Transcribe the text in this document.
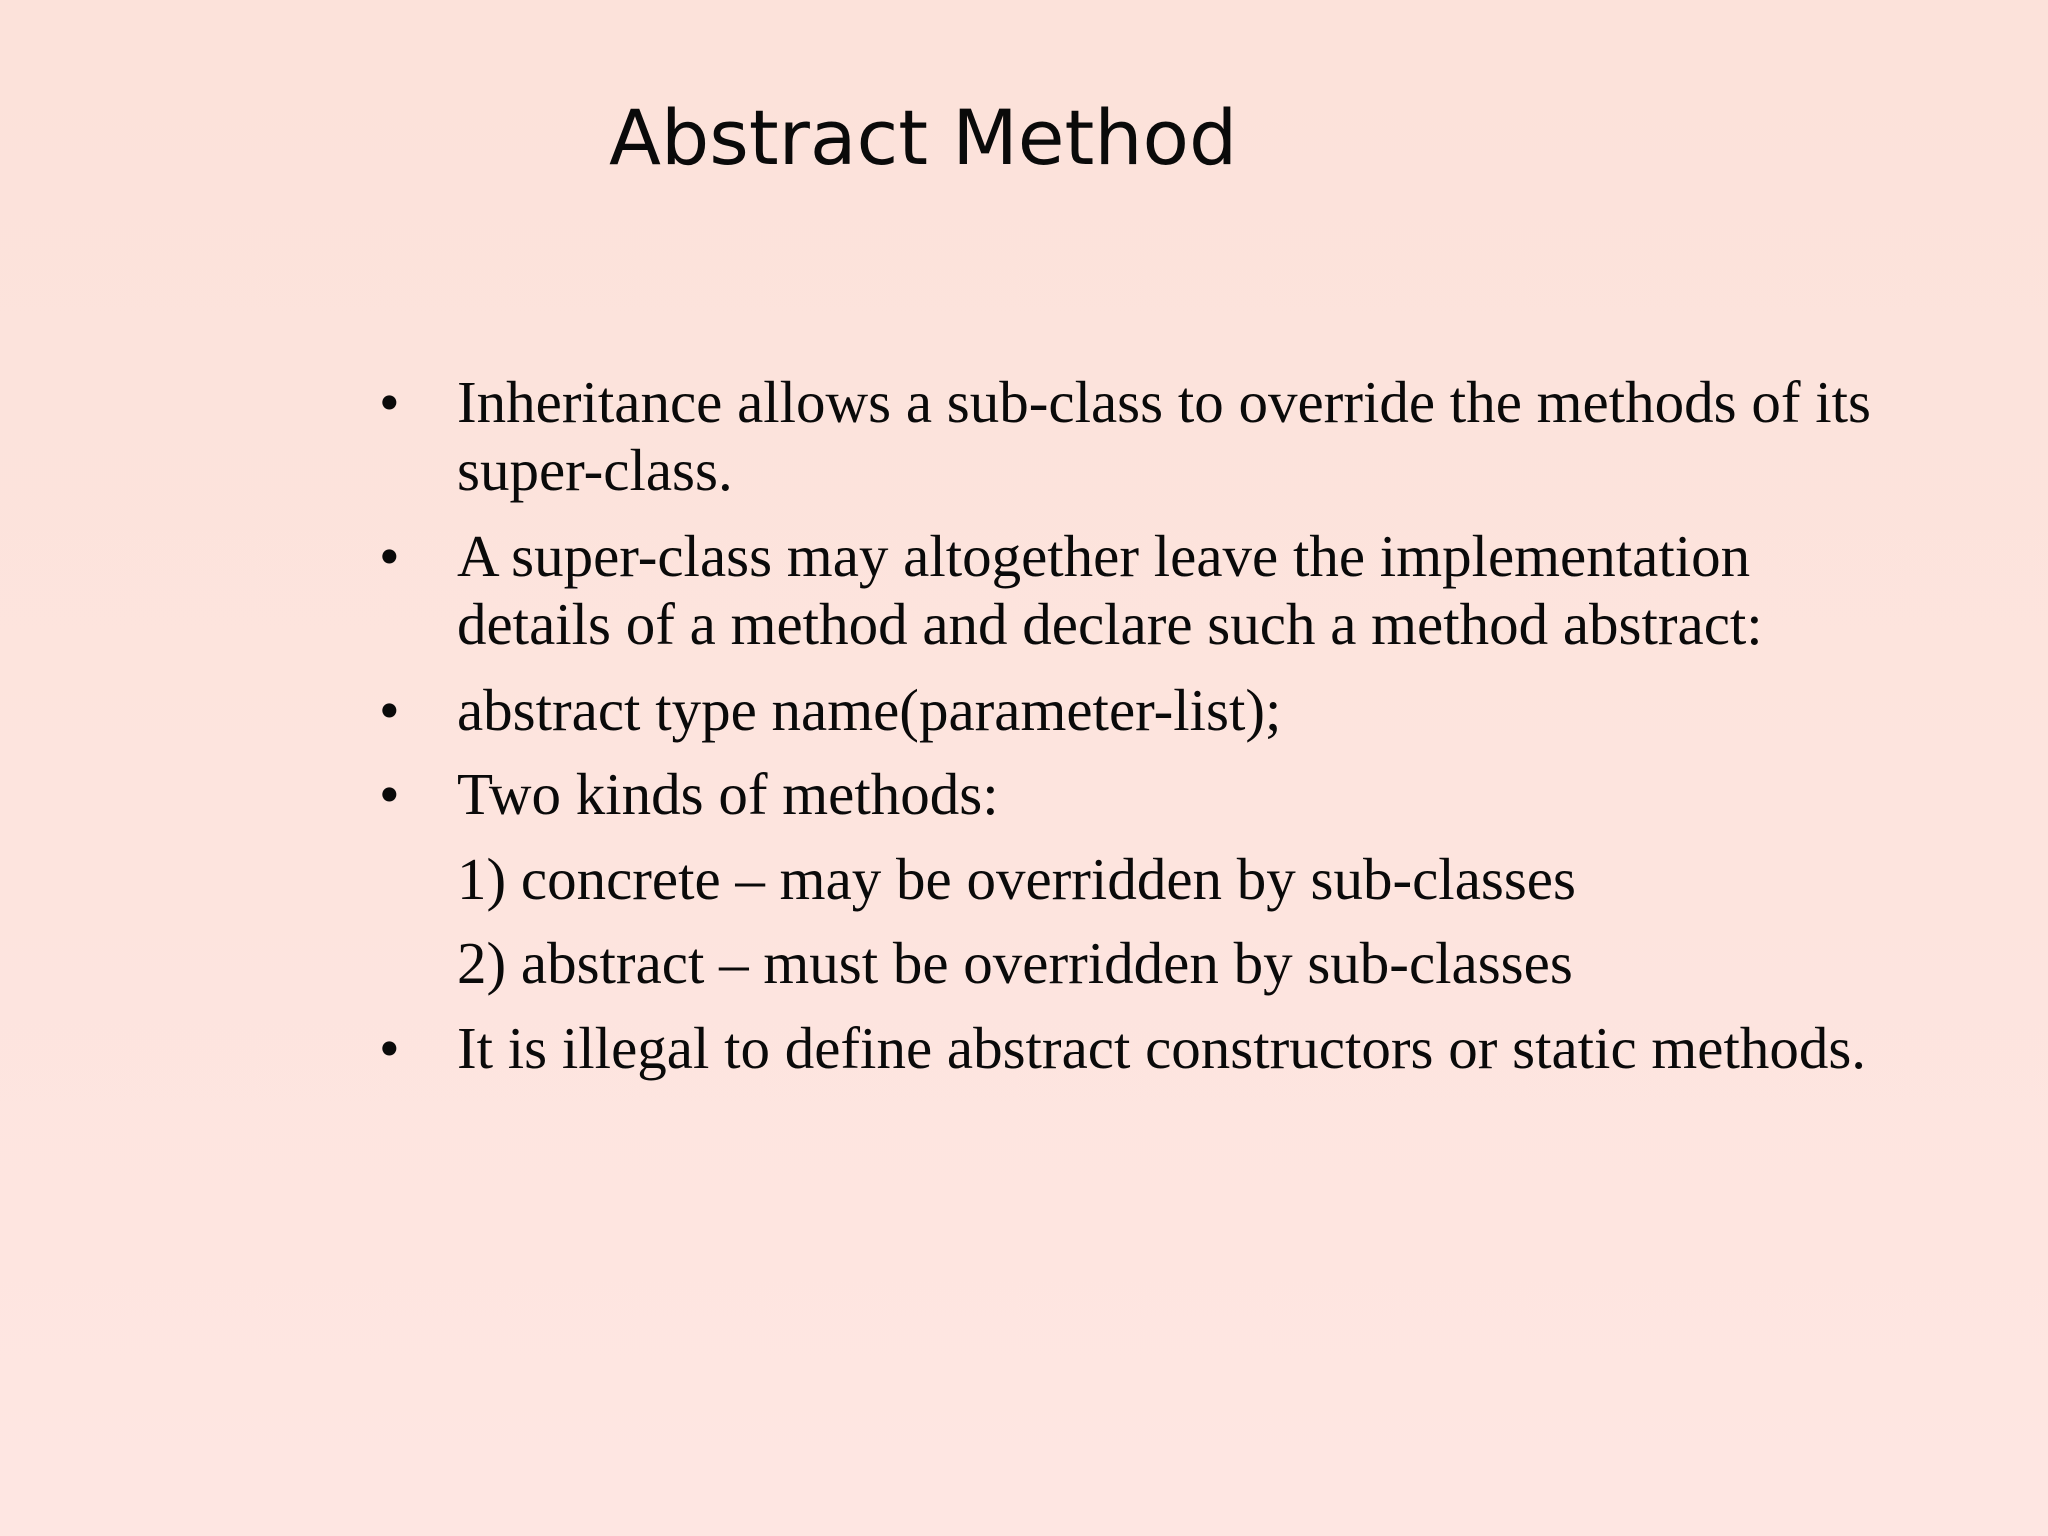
Abstract Method
• Inheritance allows a sub-class to override the methods of its
super-class.
• A super-class may altogether leave the implementation
details of a method and declare such a method abstract:
• abstract type name(parameter-list);
• Two kinds of methods:
1) concrete – may be overridden by sub-classes
2) abstract – must be overridden by sub-classes
• It is illegal to define abstract constructors or static methods.
